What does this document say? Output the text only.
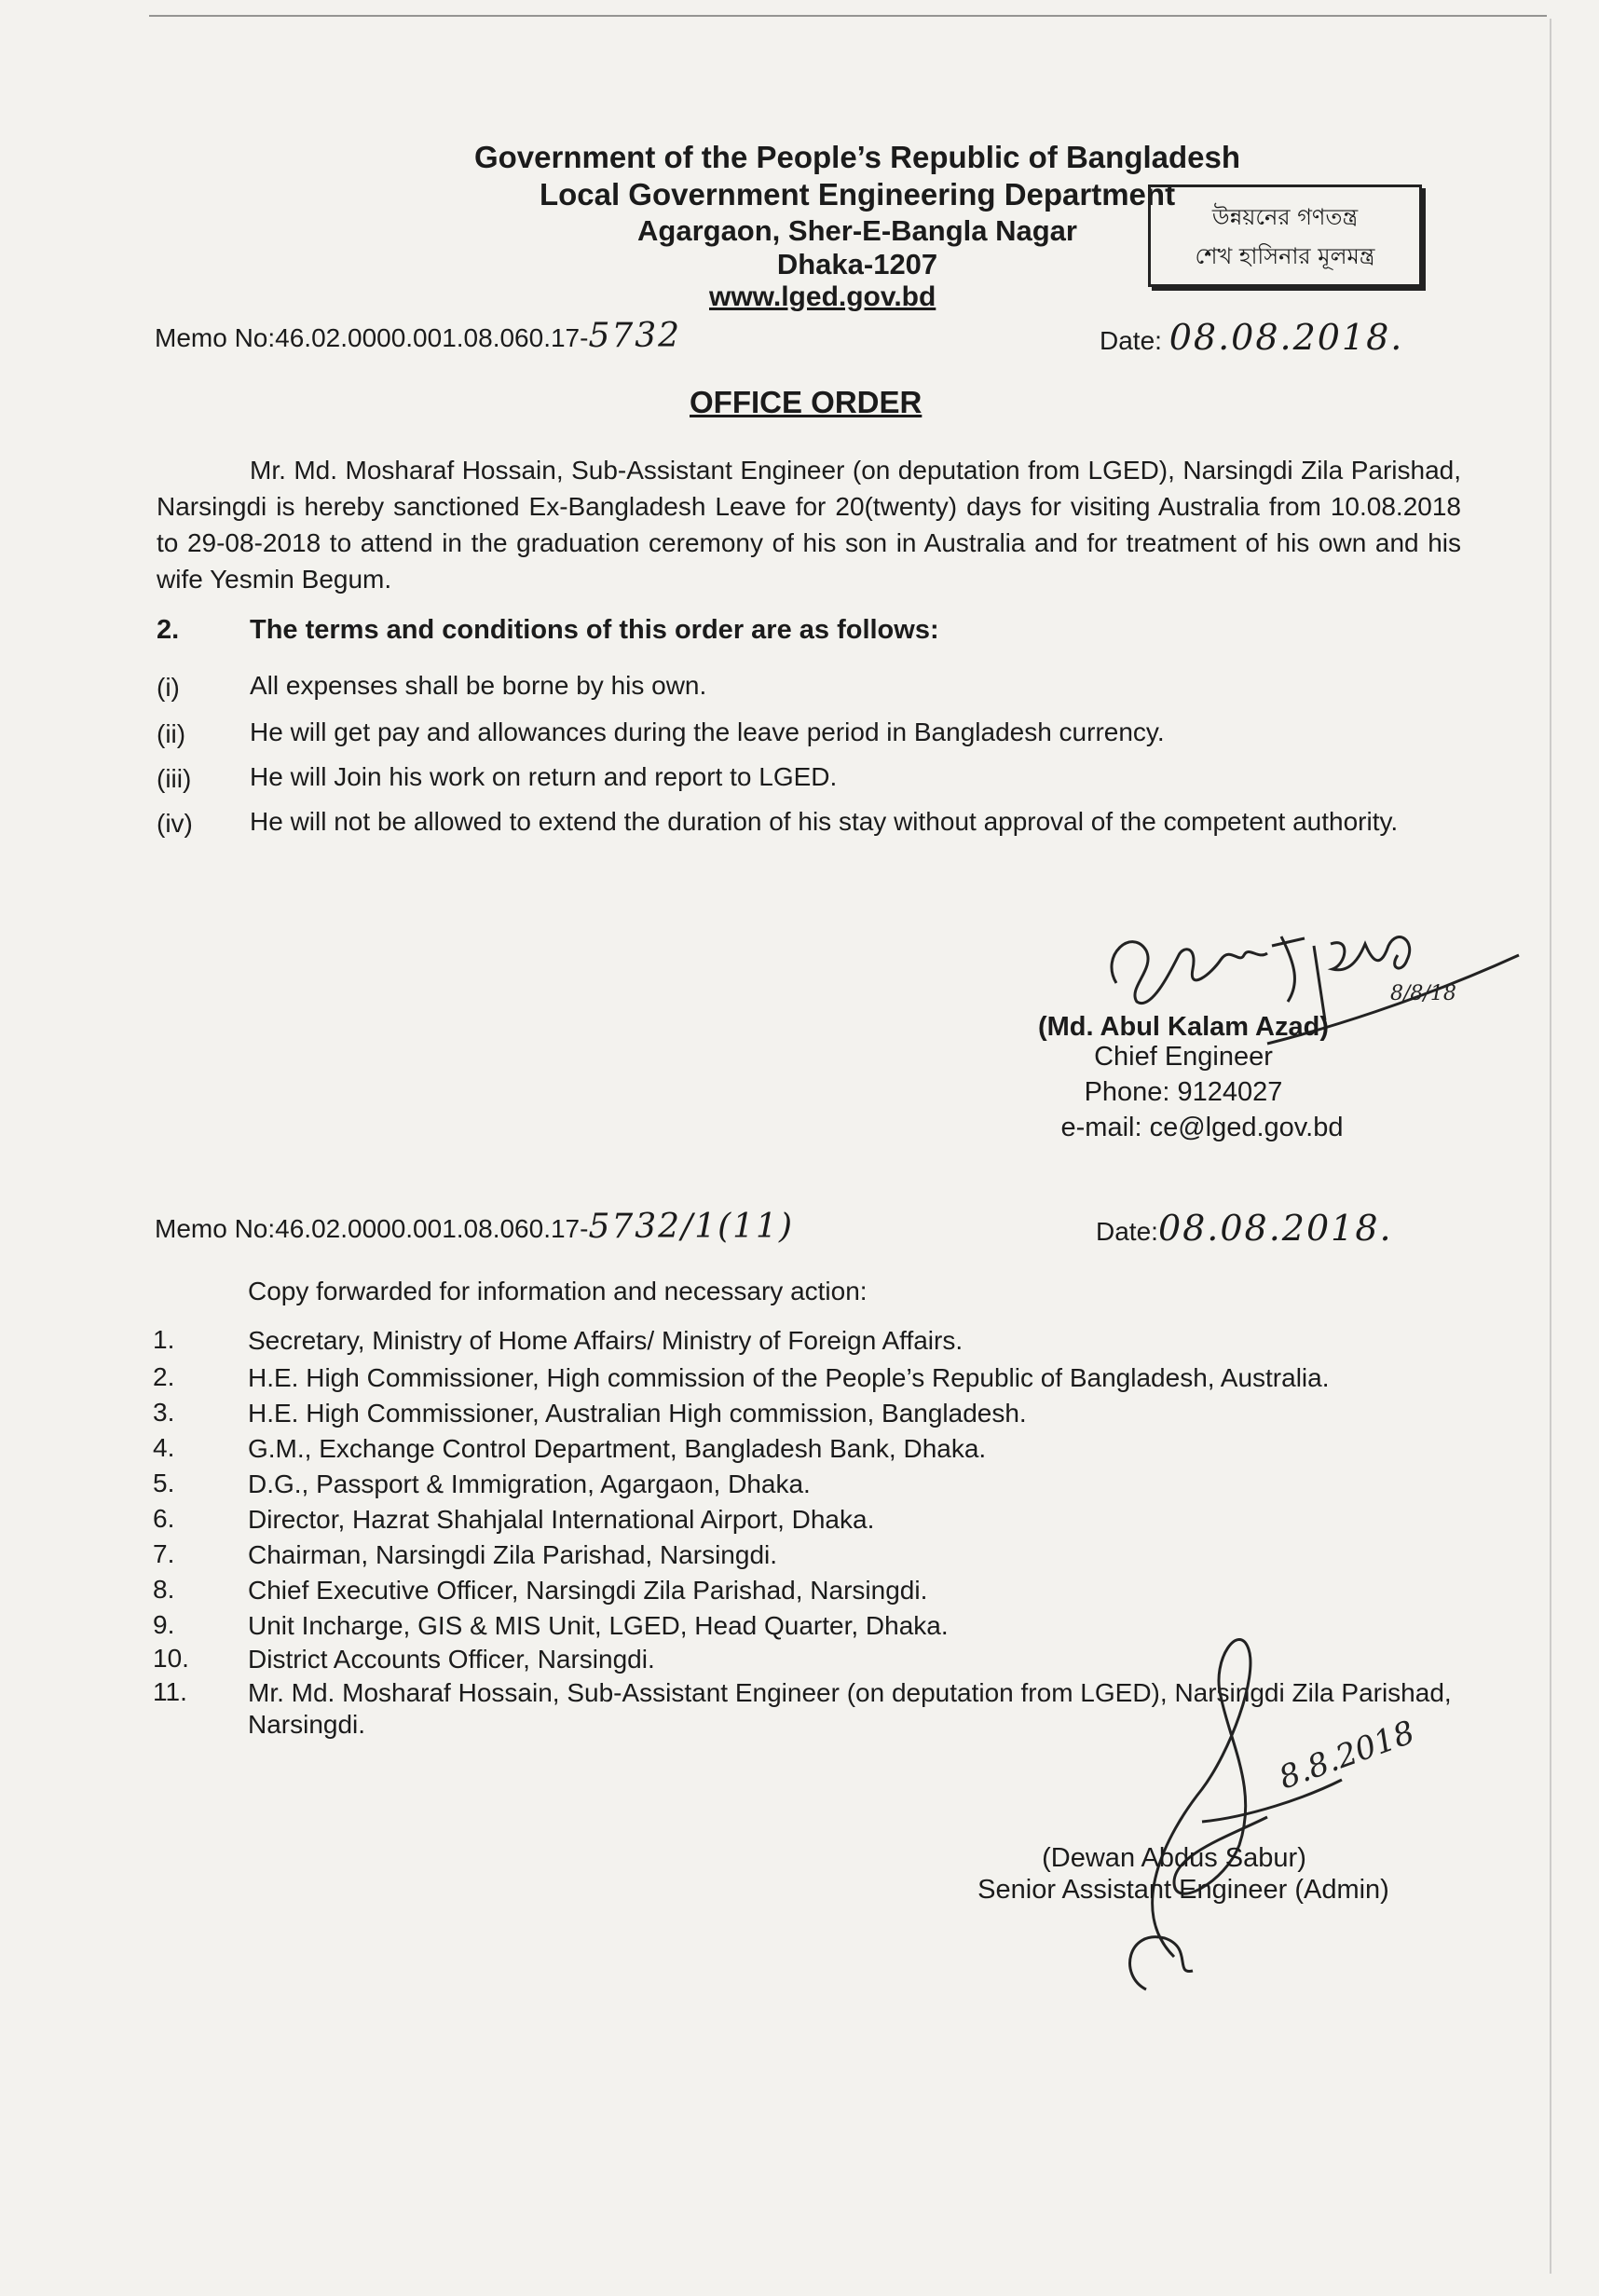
Government of the People’s Republic of Bangladesh
Local Government Engineering Department
Agargaon, Sher-E-Bangla Nagar
Dhaka-1207
www.lged.gov.bd
উন্নয়নের গণতন্ত্র
শেখ হাসিনার মূলমন্ত্র
Memo No:46.02.0000.001.08.060.17-5732	Date: 08.08.2018.
OFFICE ORDER
Mr. Md. Mosharaf Hossain, Sub-Assistant Engineer (on deputation from LGED), Narsingdi Zila Parishad, Narsingdi is hereby sanctioned Ex-Bangladesh Leave for 20(twenty) days for visiting Australia from 10.08.2018 to 29-08-2018 to attend in the graduation ceremony of his son in Australia and for treatment of his own and his wife Yesmin Begum.
2.	The terms and conditions of this order are as follows:
(i)	All expenses shall be borne by his own.
(ii) He will get pay and allowances during the leave period in Bangladesh currency.
(iii) He will Join his work on return and report to LGED.
(iv) He will not be allowed to extend the duration of his stay without approval of the competent authority.
8/8/18
(Md. Abul Kalam Azad)
Chief Engineer
Phone: 9124027
e-mail: ce@lged.gov.bd
Memo No:46.02.0000.001.08.060.17-5732/1(11)	Date:08.08.2018.
Copy forwarded for information and necessary action:
1.	Secretary, Ministry of Home Affairs/ Ministry of Foreign Affairs.
2.	H.E. High Commissioner, High commission of the People’s Republic of Bangladesh, Australia.
3.	H.E. High Commissioner, Australian High commission, Bangladesh.
4.	G.M., Exchange Control Department, Bangladesh Bank, Dhaka.
5.	D.G., Passport & Immigration, Agargaon, Dhaka.
6.	Director, Hazrat Shahjalal International Airport, Dhaka.
7.	Chairman, Narsingdi Zila Parishad, Narsingdi.
8.	Chief Executive Officer, Narsingdi Zila Parishad, Narsingdi.
9.	Unit Incharge, GIS & MIS Unit, LGED, Head Quarter, Dhaka.
10. District Accounts Officer, Narsingdi.
11. Mr. Md. Mosharaf Hossain, Sub-Assistant Engineer (on deputation from LGED), Narsingdi Zila Parishad, Narsingdi.	8.8.2018
(Dewan Abdus Sabur)
Senior Assistant Engineer (Admin)
